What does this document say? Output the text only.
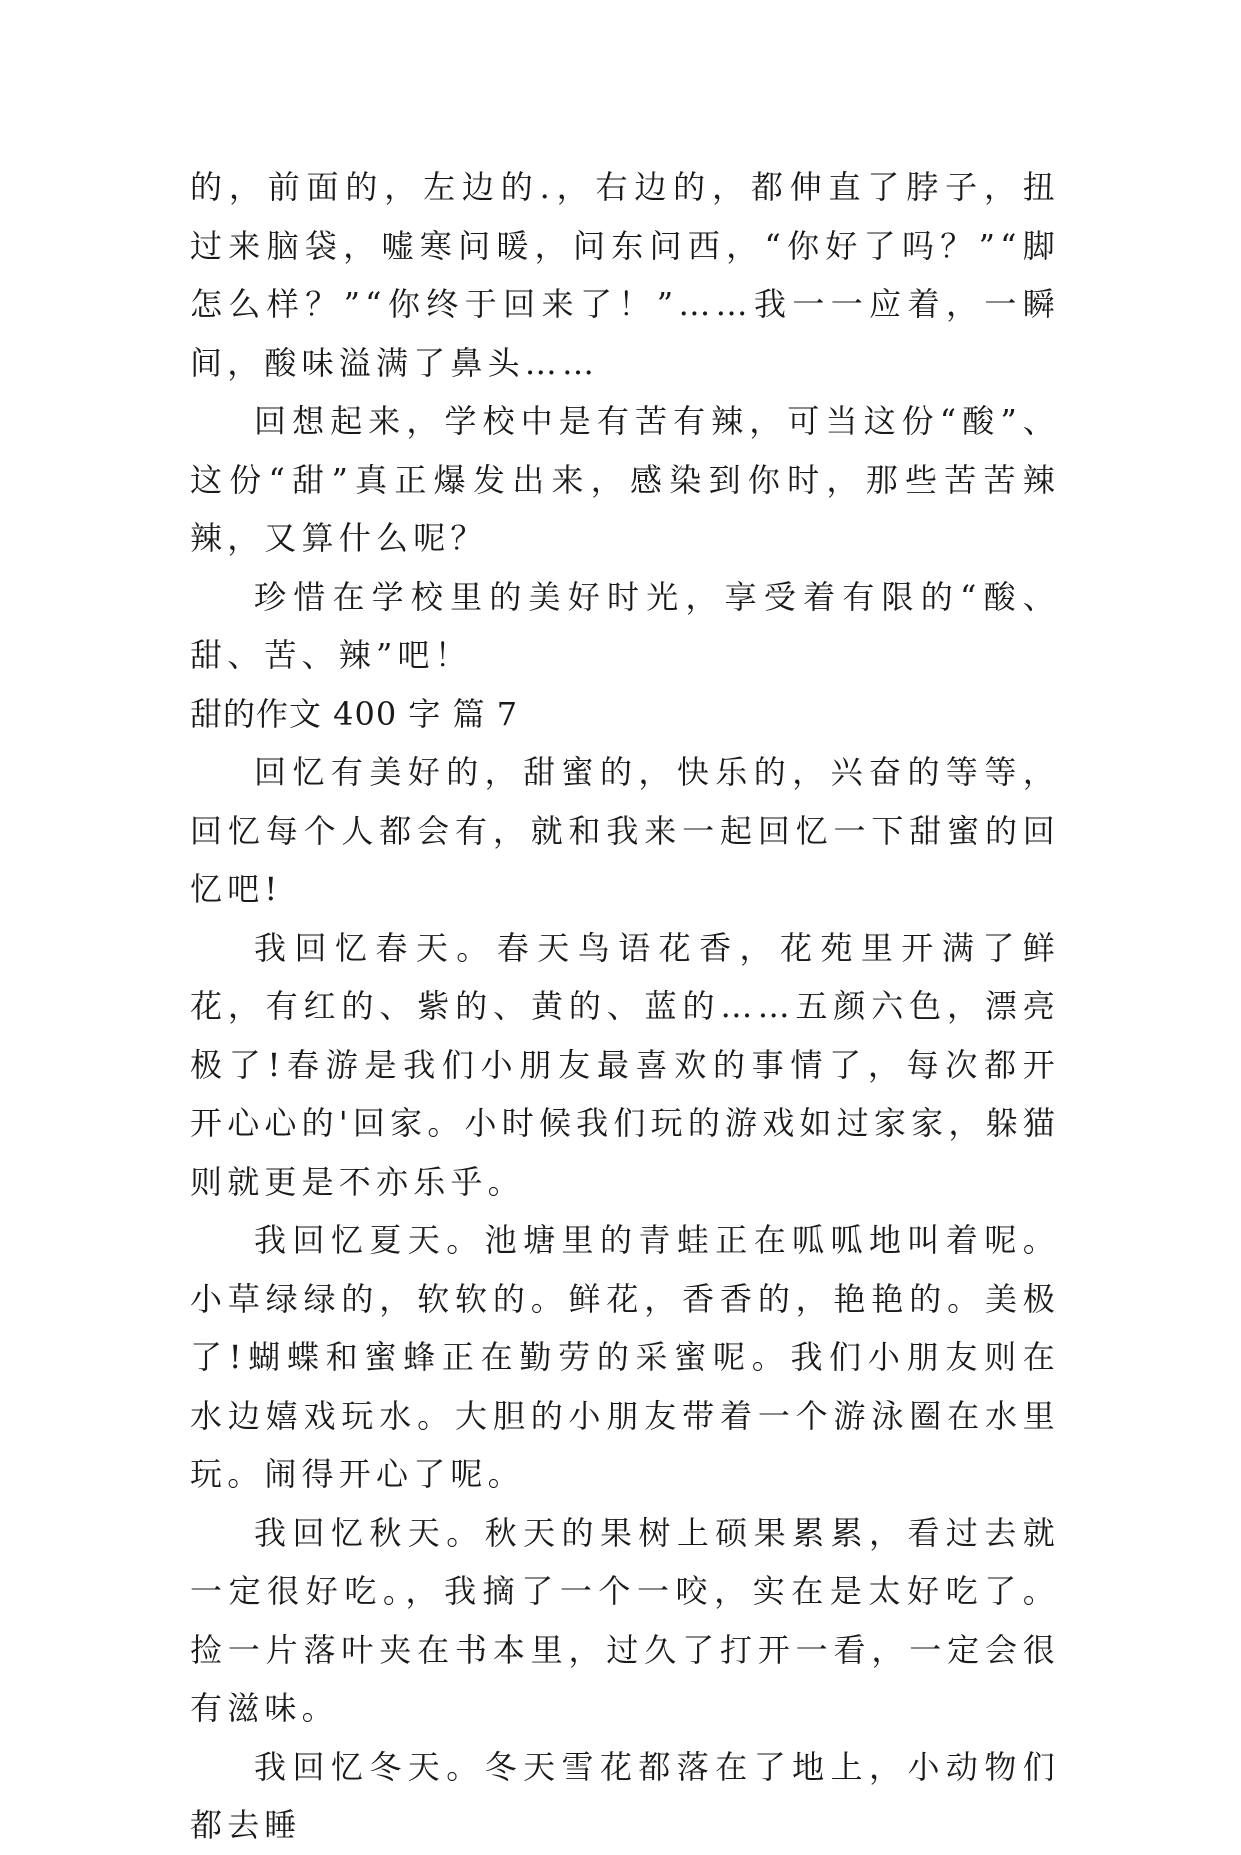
的，前面的，左边的.，右边的，都伸直了脖子，扭过来脑袋，嘘寒问暖，问东问西，“你好了吗？”“脚怎么样？”“你终于回来了！”……我一一应着，一瞬间，酸味溢满了鼻头……

回想起来，学校中是有苦有辣，可当这份“酸”、这份“甜”真正爆发出来，感染到你时，那些苦苦辣辣，又算什么呢？

珍惜在学校里的美好时光，享受着有限的“酸、甜、苦、辣”吧！

甜的作文 400 字 篇 7

回忆有美好的，甜蜜的，快乐的，兴奋的等等，回忆每个人都会有，就和我来一起回忆一下甜蜜的回忆吧!

我回忆春天。春天鸟语花香，花苑里开满了鲜花，有红的、紫的、黄的、蓝的……五颜六色，漂亮极了!春游是我们小朋友最喜欢的事情了，每次都开开心心的'回家。小时候我们玩的游戏如过家家，躲猫则就更是不亦乐乎。

我回忆夏天。池塘里的青蛙正在呱呱地叫着呢。小草绿绿的，软软的。鲜花，香香的，艳艳的。美极了!蝴蝶和蜜蜂正在勤劳的采蜜呢。我们小朋友则在水边嬉戏玩水。大胆的小朋友带着一个游泳圈在水里玩。闹得开心了呢。

我回忆秋天。秋天的果树上硕果累累，看过去就一定很好吃。，我摘了一个一咬，实在是太好吃了。捡一片落叶夹在书本里，过久了打开一看，一定会很有滋味。

我回忆冬天。冬天雪花都落在了地上，小动物们都去睡
